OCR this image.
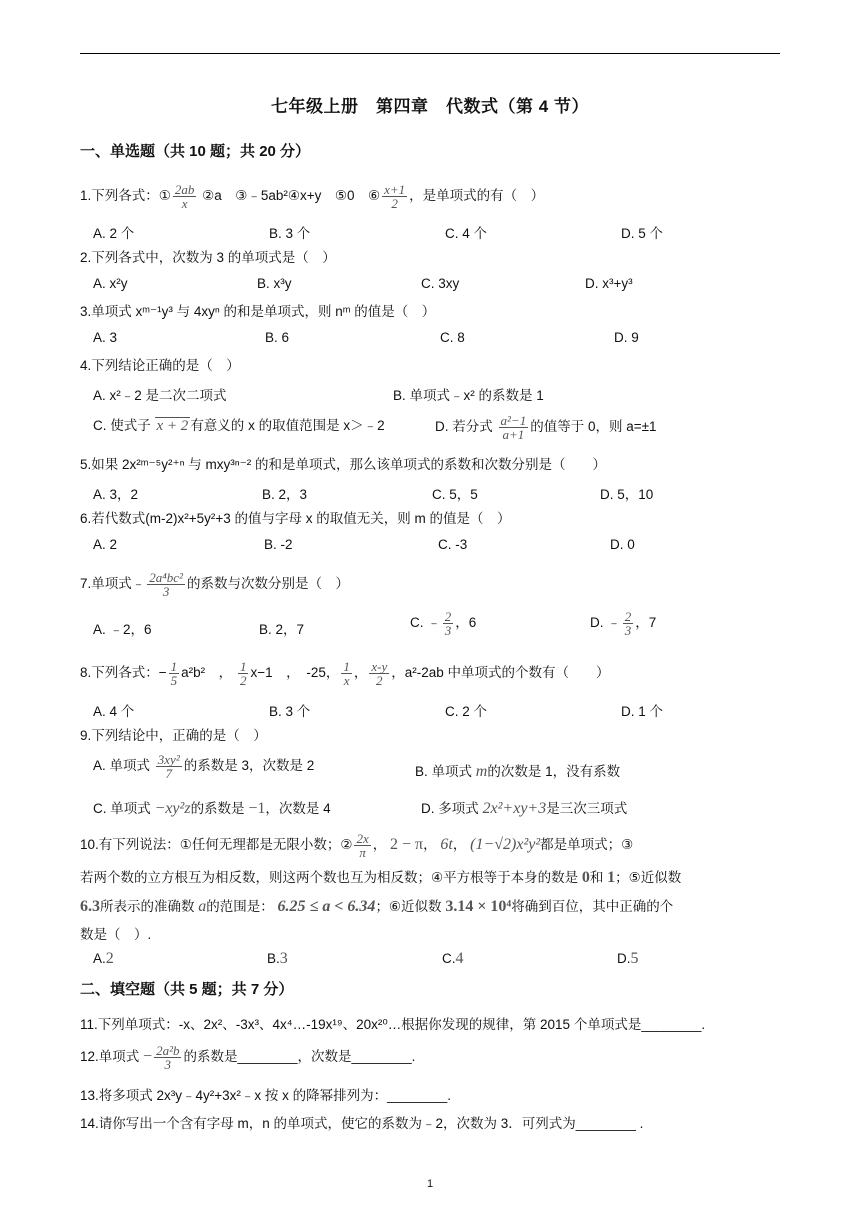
七年级上册　第四章　代数式（第 4 节）
一、单选题（共 10 题；共 20 分）
1.下列各式：① $\frac{2ab}{x}$ ②a　③﹣5ab²④x+y　⑤0　⑥ $\frac{x+1}{2}$ ，是单项式的有（　）
A. 2 个	B. 3 个	C. 4 个	D. 5 个
2.下列各式中，次数为 3 的单项式是（　）
A. x²y	B. x³y	C. 3xy	D. x³+y³
3.单项式 xᵐ⁻¹y³ 与 4xyⁿ 的和是单项式，则 nᵐ 的值是（　）
A. 3	B. 6	C. 8	D. 9
4.下列结论正确的是（　）
A. x²﹣2 是二次二项式	B. 单项式﹣x² 的系数是 1
C. 使式子 x + 2 有意义的 x 的取值范围是 x＞﹣2	D. 若分式 $\frac{\text{a²−1}}{a+1}$ 的值等于 0，则 a=±1
5.如果 2x²ᵐ⁻⁵y²⁺ⁿ 与 mxy³ⁿ⁻² 的和是单项式，那么该单项式的系数和次数分别是（　　）
A. 3，2	B. 2，3	C. 5，5	D. 5，10
6.若代数式(m-2)x²+5y²+3 的值与字母 x 的取值无关，则 m 的值是（　）
A. 2	B. -2	C. -3	D. 0
7.单项式﹣ $\frac{\text{2a⁴bc²}}{3}$ 的系数与次数分别是（　）
A. ﹣2，6	B. 2，7	C. ﹣ $\frac{2}{3}$ ，6	D. ﹣ $\frac{2}{3}$ ，7
8.下列各式：− $\frac{1}{5} a^2b^2$　， $\frac{1}{2} x-1$　，　-25， $\frac{1}{x}$ ， $\frac{x-y}{2}$ ，a²-2ab 中单项式的个数有（　　）
A. 4 个	B. 3 个	C. 2 个	D. 1 个
9.下列结论中，正确的是（　）
A. 单项式 $\frac{\text{3xy²}}{7}$ 的系数是 3，次数是 2	B. 单项式 m的次数是 1，没有系数
C. 单项式 −xy²z的系数是 −1，次数是 4	D. 多项式 2x²+xy+3是三次三项式
10.有下列说法：①任何无理都是无限小数；② $\frac{2x}{\pi}$ ， 2 − π， 6t， (1−√2)x²y²都是单项式；③
若两个数的立方根互为相反数，则这两个数也互为相反数；④平方根等于本身的数是 0和 1；⑤近似数
6.3所表示的准确数 a的范围是： 6.25 ≤ a < 6.34；⑥近似数 3.14 × 10⁴将确到百位，其中正确的个
数是（　）.
A.2	B.3	C.4	D.5
二、填空题（共 5 题；共 7 分）
11.下列单项式：-x、2x²、-3x³、4x⁴…-19x¹⁹、20x²⁰…根据你发现的规律，第 2015 个单项式是________.
12.单项式 − $\frac{\text{2a²b}}{3}$ 的系数是________，次数是________.
13.将多项式 2x³y﹣4y²+3x²﹣x 按 x 的降幂排列为：________.
14.请你写出一个含有字母 m，n 的单项式，使它的系数为﹣2，次数为 3．可列式为________ .
1
